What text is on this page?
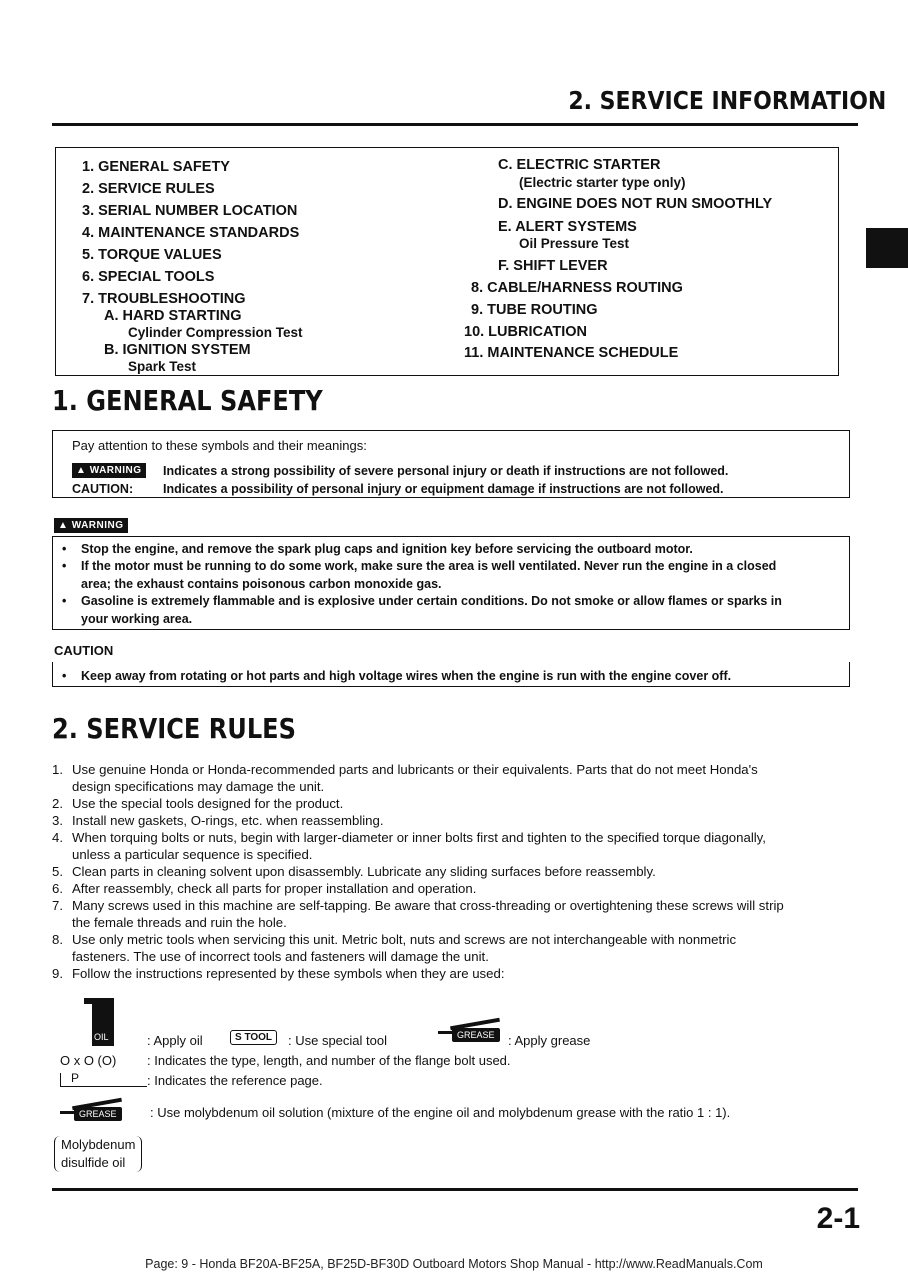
2. SERVICE INFORMATION
1. GENERAL SAFETY
2. SERVICE RULES
3. SERIAL NUMBER LOCATION
4. MAINTENANCE STANDARDS
5. TORQUE VALUES
6. SPECIAL TOOLS
7. TROUBLESHOOTING
A. HARD STARTING
Cylinder Compression Test
B. IGNITION SYSTEM
Spark Test
C. ELECTRIC STARTER
(Electric starter type only)
D. ENGINE DOES NOT RUN SMOOTHLY
E. ALERT SYSTEMS
Oil Pressure Test
F. SHIFT LEVER
8. CABLE/HARNESS ROUTING
9. TUBE ROUTING
10. LUBRICATION
11. MAINTENANCE SCHEDULE
1. GENERAL SAFETY
Pay attention to these symbols and their meanings:
▲ WARNING	Indicates a strong possibility of severe personal injury or death if instructions are not followed.
CAUTION: Indicates a possibility of personal injury or equipment damage if instructions are not followed.
▲ WARNING
• Stop the engine, and remove the spark plug caps and ignition key before servicing the outboard motor.
• If the motor must be running to do some work, make sure the area is well ventilated. Never run the engine in a closed
area; the exhaust contains poisonous carbon monoxide gas.
• Gasoline is extremely flammable and is explosive under certain conditions. Do not smoke or allow flames or sparks in
your working area.
CAUTION
• Keep away from rotating or hot parts and high voltage wires when the engine is run with the engine cover off.
2. SERVICE RULES
1. Use genuine Honda or Honda-recommended parts and lubricants or their equivalents. Parts that do not meet Honda's
design specifications may damage the unit.
2. Use the special tools designed for the product.
3. Install new gaskets, O-rings, etc. when reassembling.
4. When torquing bolts or nuts, begin with larger-diameter or inner bolts first and tighten to the specified torque diagonally,
unless a particular sequence is specified.
5. Clean parts in cleaning solvent upon disassembly. Lubricate any sliding surfaces before reassembly.
6. After reassembly, check all parts for proper installation and operation.
7. Many screws used in this machine are self-tapping. Be aware that cross-threading or overtightening these screws will strip
the female threads and ruin the hole.
8. Use only metric tools when servicing this unit. Metric bolt, nuts and screws are not interchangeable with nonmetric
fasteners. The use of incorrect tools and fasteners will damage the unit.
9. Follow the instructions represented by these symbols when they are used:
OIL	: Apply oil	S TOOL	: Use special tool	GREASE	: Apply grease
O x O (O) : Indicates the type, length, and number of the flange bolt used.
P	: Indicates the reference page.
GREASE	: Use molybdenum oil solution (mixture of the engine oil and molybdenum grease with the ratio 1 : 1).
Molybdenum
disulfide oil
2-1
Page: 9 - Honda BF20A-BF25A, BF25D-BF30D Outboard Motors Shop Manual - http://www.ReadManuals.Com
